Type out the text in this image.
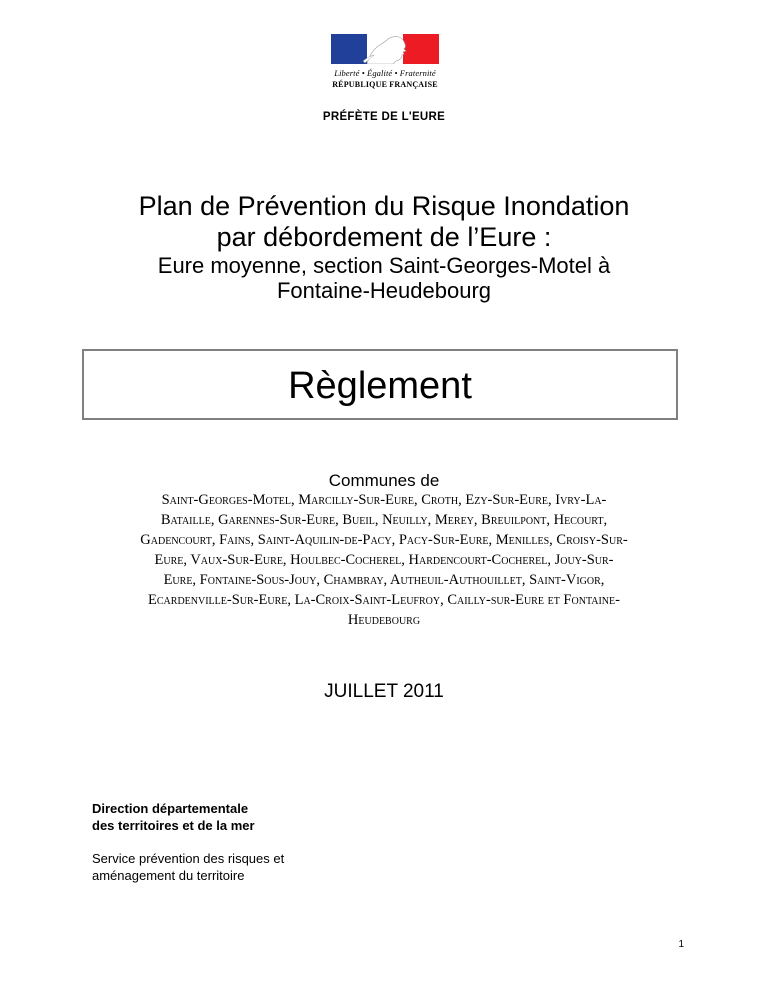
Liberté • Égalité • Fraternité
RÉPUBLIQUE FRANÇAISE
PRÉFÈTE DE L'EURE
Plan de Prévention du Risque Inondation
par débordement de l’Eure :
Eure moyenne, section Saint-Georges-Motel à
Fontaine-Heudebourg
Règlement
Communes de
Saint-Georges-Motel, Marcilly-Sur-Eure, Croth, Ezy-Sur-Eure, Ivry-La-
Bataille, Garennes-Sur-Eure, Bueil, Neuilly, Merey, Breuilpont, Hecourt,
Gadencourt, Fains, Saint-Aquilin-de-Pacy, Pacy-Sur-Eure, Menilles, Croisy-Sur-
Eure, Vaux-Sur-Eure, Houlbec-Cocherel, Hardencourt-Cocherel, Jouy-Sur-
Eure, Fontaine-Sous-Jouy, Chambray, Autheuil-Authouillet, Saint-Vigor,
Ecardenville-Sur-Eure, La-Croix-Saint-Leufroy, Cailly-sur-Eure et Fontaine-
Heudebourg
JUILLET 2011
Direction départementale
des territoires et de la mer
Service prévention des risques et
aménagement du territoire
1
